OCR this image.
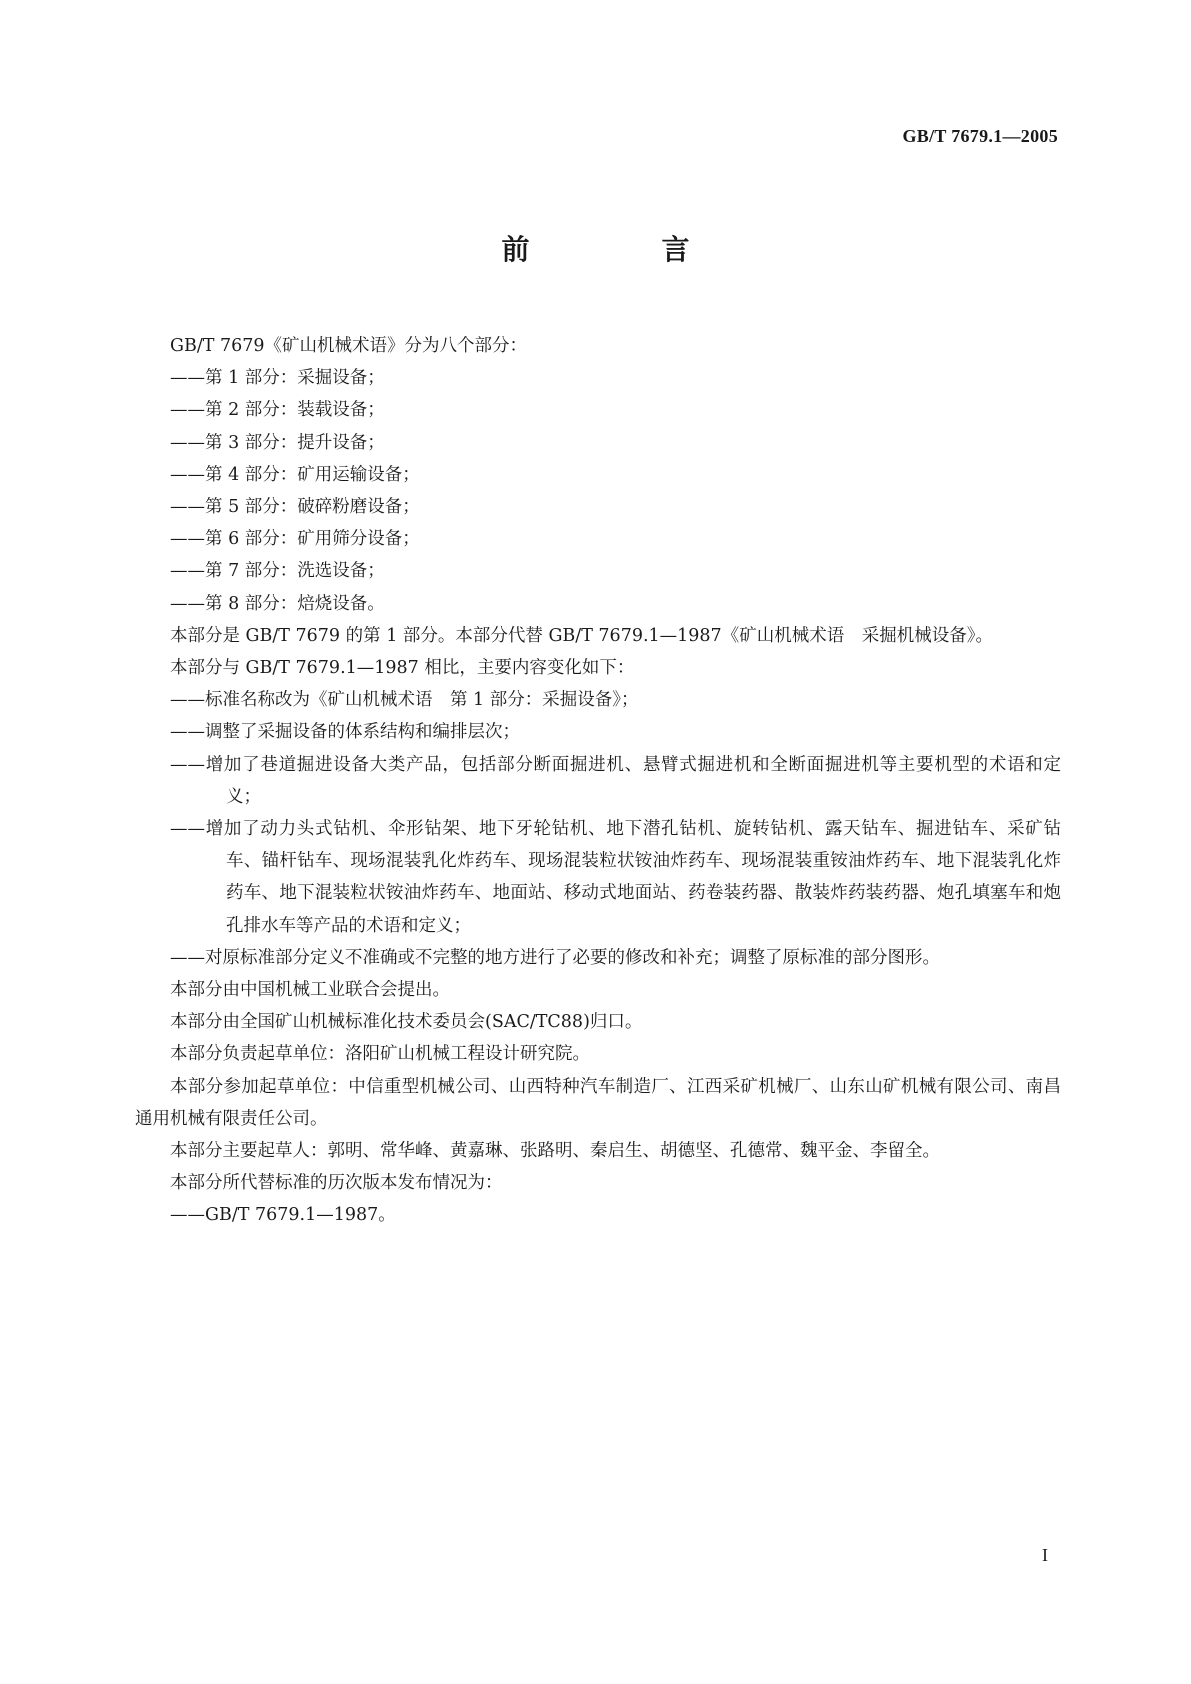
GB/T 7679.1—2005
前　言

GB/T 7679《矿山机械术语》分为八个部分：

——第 1 部分：采掘设备；

——第 2 部分：装载设备；

——第 3 部分：提升设备；

——第 4 部分：矿用运输设备；

——第 5 部分：破碎粉磨设备；

——第 6 部分：矿用筛分设备；

——第 7 部分：洗选设备；

——第 8 部分：焙烧设备。

本部分是 GB/T 7679 的第 1 部分。本部分代替 GB/T 7679.1—1987《矿山机械术语　采掘机械设备》。

本部分与 GB/T 7679.1—1987 相比，主要内容变化如下：

——标准名称改为《矿山机械术语　第 1 部分：采掘设备》；

——调整了采掘设备的体系结构和编排层次；

——增加了巷道掘进设备大类产品，包括部分断面掘进机、悬臂式掘进机和全断面掘进机等主要机型的术语和定义；

——增加了动力头式钻机、伞形钻架、地下牙轮钻机、地下潜孔钻机、旋转钻机、露天钻车、掘进钻车、采矿钻车、锚杆钻车、现场混装乳化炸药车、现场混装粒状铵油炸药车、现场混装重铵油炸药车、地下混装乳化炸药车、地下混装粒状铵油炸药车、地面站、移动式地面站、药卷装药器、散装炸药装药器、炮孔填塞车和炮孔排水车等产品的术语和定义；

——对原标准部分定义不准确或不完整的地方进行了必要的修改和补充；调整了原标准的部分图形。

本部分由中国机械工业联合会提出。

本部分由全国矿山机械标准化技术委员会(SAC/TC88)归口。

本部分负责起草单位：洛阳矿山机械工程设计研究院。

本部分参加起草单位：中信重型机械公司、山西特种汽车制造厂、江西采矿机械厂、山东山矿机械有限公司、南昌通用机械有限责任公司。

本部分主要起草人：郭明、常华峰、黄嘉琳、张路明、秦启生、胡德坚、孔德常、魏平金、李留全。

本部分所代替标准的历次版本发布情况为：

——GB/T 7679.1—1987。

I
